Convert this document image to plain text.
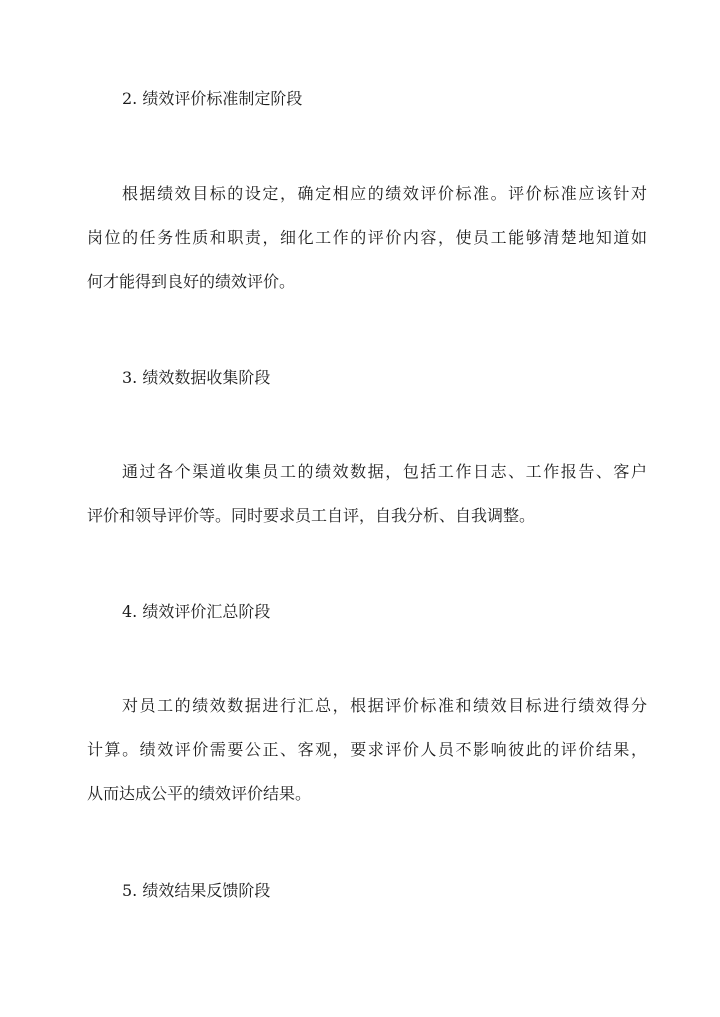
2. 绩效评价标准制定阶段
根据绩效目标的设定，确定相应的绩效评价标准。评价标准应该针对
岗位的任务性质和职责，细化工作的评价内容，使员工能够清楚地知道如
何才能得到良好的绩效评价。
3. 绩效数据收集阶段
通过各个渠道收集员工的绩效数据，包括工作日志、工作报告、客户
评价和领导评价等。同时要求员工自评，自我分析、自我调整。
4. 绩效评价汇总阶段
对员工的绩效数据进行汇总，根据评价标准和绩效目标进行绩效得分
计算。绩效评价需要公正、客观，要求评价人员不影响彼此的评价结果，
从而达成公平的绩效评价结果。
5. 绩效结果反馈阶段
